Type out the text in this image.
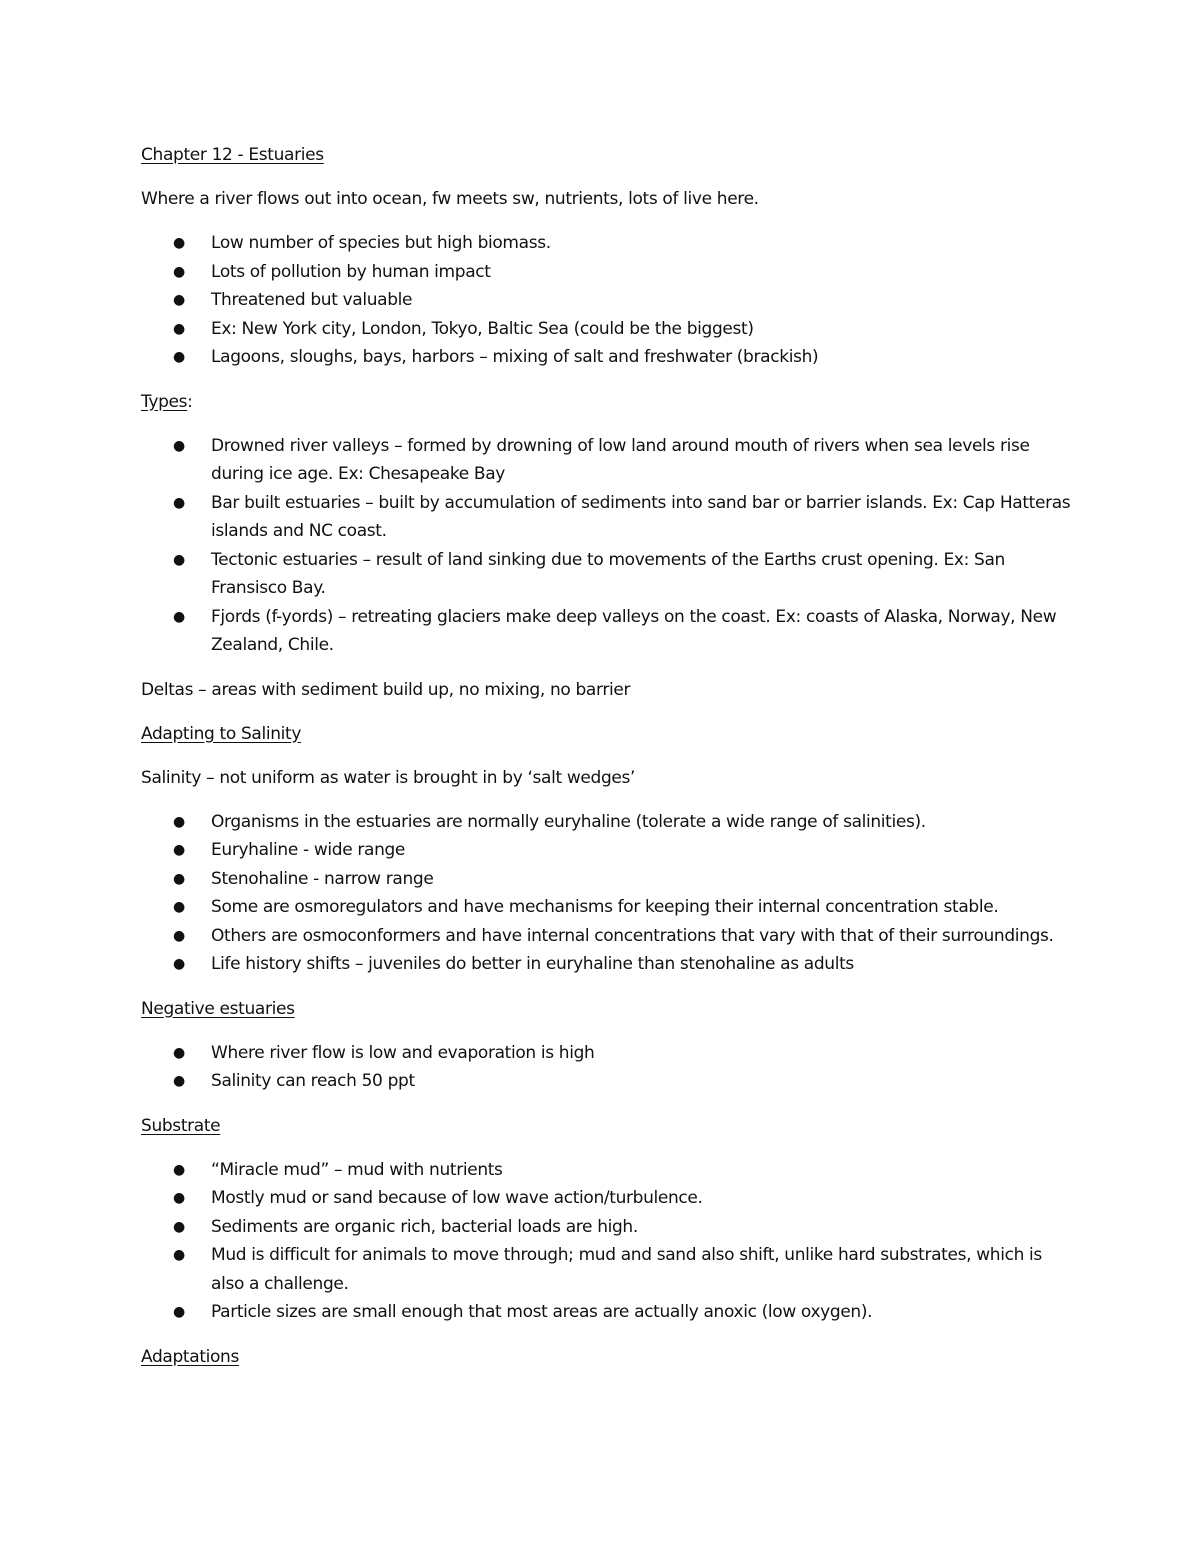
Chapter 12 - Estuaries
Where a river flows out into ocean, fw meets sw, nutrients, lots of live here.
● Low number of species but high biomass.
● Lots of pollution by human impact
● Threatened but valuable
● Ex: New York city, London, Tokyo, Baltic Sea (could be the biggest)
● Lagoons, sloughs, bays, harbors – mixing of salt and freshwater (brackish)
Types:
● Drowned river valleys – formed by drowning of low land around mouth of rivers when sea levels rise during ice age. Ex: Chesapeake Bay
● Bar built estuaries – built by accumulation of sediments into sand bar or barrier islands. Ex: Cap Hatteras islands and NC coast.
● Tectonic estuaries – result of land sinking due to movements of the Earths crust opening. Ex: San Fransisco Bay.
● Fjords (f-yords) – retreating glaciers make deep valleys on the coast. Ex: coasts of Alaska, Norway, New Zealand, Chile.
Deltas – areas with sediment build up, no mixing, no barrier
Adapting to Salinity
Salinity – not uniform as water is brought in by ‘salt wedges’
● Organisms in the estuaries are normally euryhaline (tolerate a wide range of salinities).
● Euryhaline - wide range
● Stenohaline - narrow range
● Some are osmoregulators and have mechanisms for keeping their internal concentration stable.
● Others are osmoconformers and have internal concentrations that vary with that of their surroundings.
● Life history shifts – juveniles do better in euryhaline than stenohaline as adults
Negative estuaries
● Where river flow is low and evaporation is high
● Salinity can reach 50 ppt
Substrate
● “Miracle mud” – mud with nutrients
● Mostly mud or sand because of low wave action/turbulence.
● Sediments are organic rich, bacterial loads are high.
● Mud is difficult for animals to move through; mud and sand also shift, unlike hard substrates, which is also a challenge.
● Particle sizes are small enough that most areas are actually anoxic (low oxygen).
Adaptations
